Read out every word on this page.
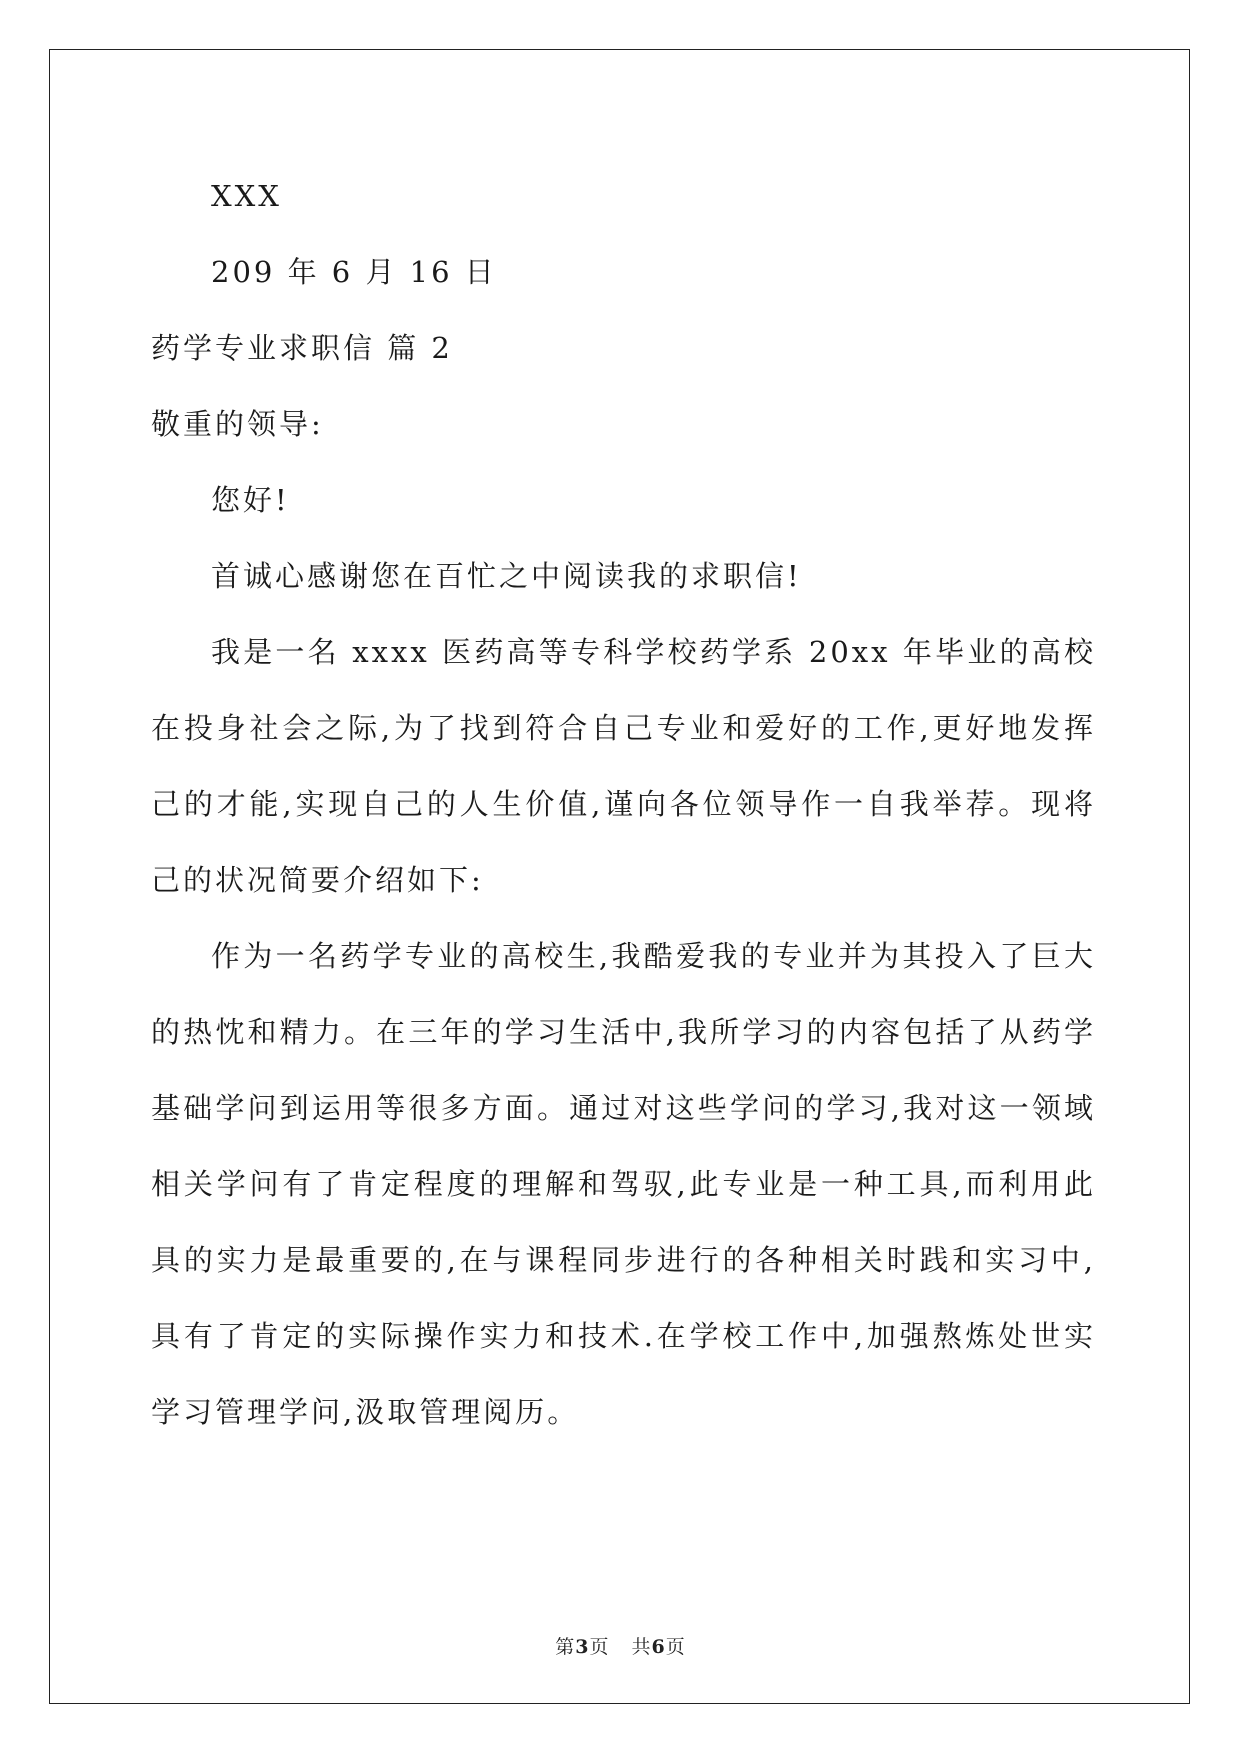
XXX
209 年 6 月 16 日
药学专业求职信 篇 2
敬重的领导:
您好!
首诚心感谢您在百忙之中阅读我的求职信!
我是一名 xxxx 医药高等专科学校药学系 20xx 年毕业的高校
在投身社会之际,为了找到符合自己专业和爱好的工作,更好地发挥
己的才能,实现自己的人生价值,谨向各位领导作一自我举荐。现将
己的状况简要介绍如下:
作为一名药学专业的高校生,我酷爱我的专业并为其投入了巨大
的热忱和精力。在三年的学习生活中,我所学习的内容包括了从药学
基础学问到运用等很多方面。通过对这些学问的学习,我对这一领域
相关学问有了肯定程度的理解和驾驭,此专业是一种工具,而利用此
具的实力是最重要的,在与课程同步进行的各种相关时践和实习中,
具有了肯定的实际操作实力和技术.在学校工作中,加强熬炼处世实
学习管理学问,汲取管理阅历。
第3页 共6页
